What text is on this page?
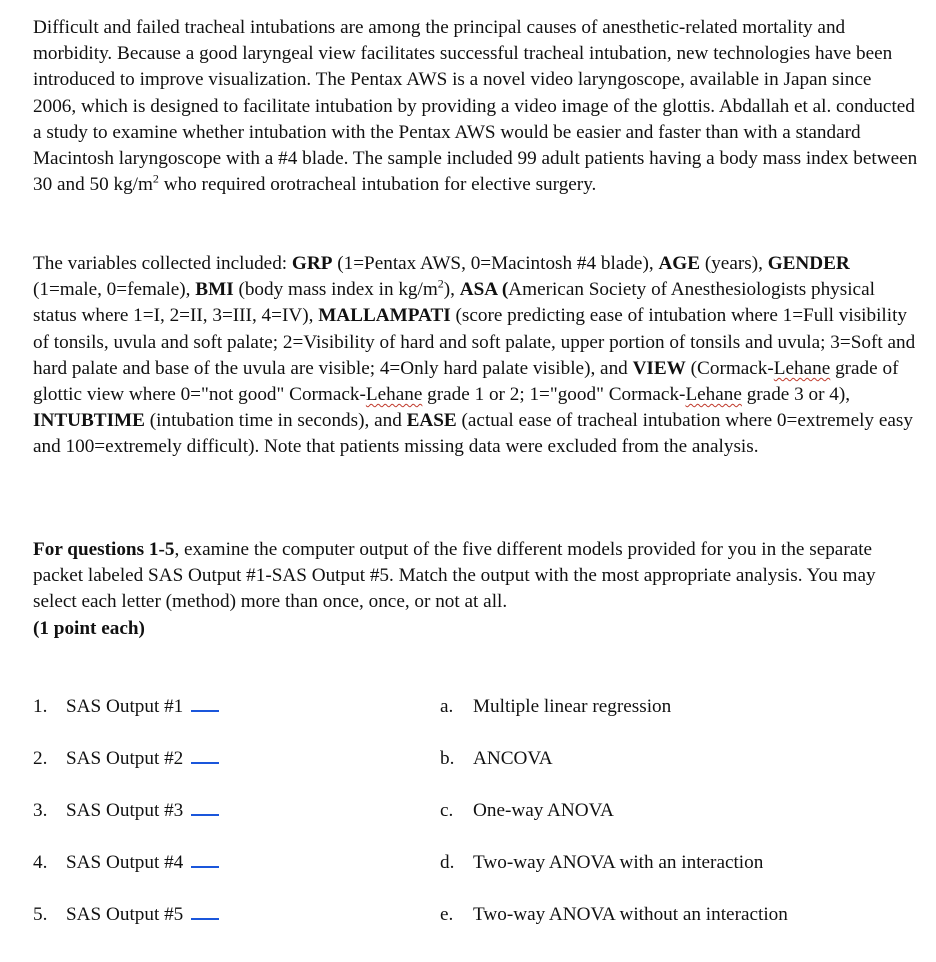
Difficult and failed tracheal intubations are among the principal causes of anesthetic-related mortality and morbidity. Because a good laryngeal view facilitates successful tracheal intubation, new technologies have been introduced to improve visualization. The Pentax AWS is a novel video laryngoscope, available in Japan since 2006, which is designed to facilitate intubation by providing a video image of the glottis. Abdallah et al. conducted a study to examine whether intubation with the Pentax AWS would be easier and faster than with a standard Macintosh laryngoscope with a #4 blade. The sample included 99 adult patients having a body mass index between 30 and 50 $kg/m^2$ who required orotracheal intubation for elective surgery.

The variables collected included: GRP (1=Pentax AWS, 0=Macintosh #4 blade), AGE (years), GENDER (1=male, 0=female), BMI (body mass index in $kg/m^2$), ASA (American Society of Anesthesiologists physical status where 1=I, 2=II, 3=III, 4=IV), MALLAMPATI (score predicting ease of intubation where 1=Full visibility of tonsils, uvula and soft palate; 2=Visibility of hard and soft palate, upper portion of tonsils and uvula; 3=Soft and hard palate and base of the uvula are visible; 4=Only hard palate visible), and VIEW (Cormack-Lehane grade of glottic view where 0="not good" Cormack-Lehane grade 1 or 2; 1="good" Cormack-Lehane grade 3 or 4), INTUBTIME (intubation time in seconds), and EASE (actual ease of tracheal intubation where 0=extremely easy and 100=extremely difficult). Note that patients missing data were excluded from the analysis.

For questions 1-5, examine the computer output of the five different models provided for you in the separate packet labeled SAS Output #1-SAS Output #5. Match the output with the most appropriate analysis. You may select each letter (method) more than once, once, or not at all.
(1 point each)

1. SAS Output #1
2. SAS Output #2
3. SAS Output #3
4. SAS Output #4
5. SAS Output #5
a. Multiple linear regression
b. ANCOVA
c. One-way ANOVA
d. Two-way ANOVA with an interaction
e. Two-way ANOVA without an interaction
